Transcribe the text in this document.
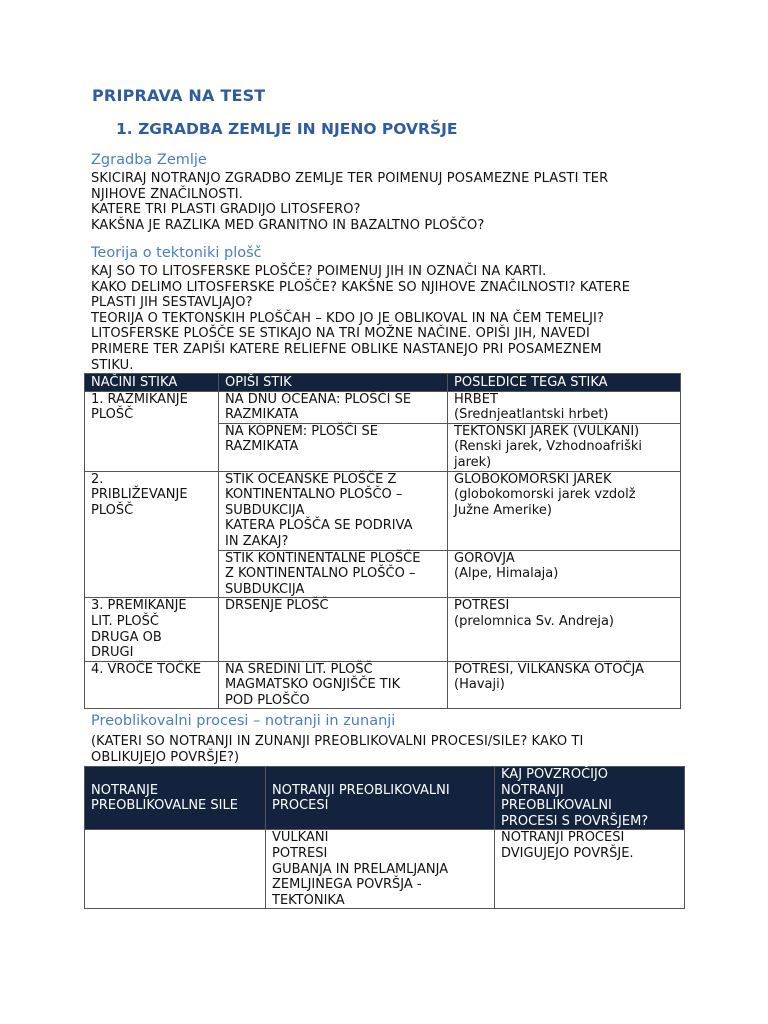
PRIPRAVA NA TEST
1. ZGRADBA ZEMLJE IN NJENO POVRŠJE
Zgradba Zemlje
SKICIRAJ NOTRANJO ZGRADBO ZEMLJE TER POIMENUJ POSAMEZNE PLASTI TER
NJIHOVE ZNAČILNOSTI.
KATERE TRI PLASTI GRADIJO LITOSFERO?
KAKŠNA JE RAZLIKA MED GRANITNO IN BAZALTNO PLOŠČO?
Teorija o tektoniki plošč
KAJ SO TO LITOSFERSKE PLOŠČE? POIMENUJ JIH IN OZNAČI NA KARTI.
KAKO DELIMO LITOSFERSKE PLOŠČE? KAKŠNE SO NJIHOVE ZNAČILNOSTI? KATERE
PLASTI JIH SESTAVLJAJO?
TEORIJA O TEKTONSKIH PLOŠČAH – KDO JO JE OBLIKOVAL IN NA ČEM TEMELJI?
LITOSFERSKE PLOŠČE SE STIKAJO NA TRI MOŽNE NAČINE. OPIŠI JIH, NAVEDI
PRIMERE TER ZAPIŠI KATERE RELIEFNE OBLIKE NASTANEJO PRI POSAMEZNEM
STIKU.
NAČINI STIKA	OPIŠI STIK	POSLEDICE TEGA STIKA

1. RAZMIKANJE
PLOŠČ	NA DNU OCEANA: PLOŠČI SE
RAZMIKATA	HRBET
(Srednjeatlantski hrbet)

	NA KOPNEM: PLOŠČI SE
RAZMIKATA	TEKTONSKI JAREK (VULKANI)
(Renski jarek, Vzhodnoafriški
jarek)

2.
PRIBLIŽEVANJE
PLOŠČ	STIK OCEANSKE PLOŠČE Z
KONTINENTALNO PLOŠČO –
SUBDUKCIJA
KATERA PLOŠČA SE PODRIVA
IN ZAKAJ?	GLOBOKOMORSKI JAREK
(globokomorski jarek vzdolž
Južne Amerike)

	STIK KONTINENTALNE PLOŠČE
Z KONTINENTALNO PLOŠČO –
SUBDUKCIJA	GOROVJA
(Alpe, Himalaja)

3. PREMIKANJE
LIT. PLOŠČ
DRUGA OB
DRUGI	DRSENJE PLOŠČ	POTRESI
(prelomnica Sv. Andreja)

4. VROČE TOČKE	NA SREDINI LIT. PLOŠČ
MAGMATSKO OGNJIŠČE TIK
POD PLOŠČO	POTRESI, VILKANSKA OTOČJA
(Havaji)
Preoblikovalni procesi – notranji in zunanji
(KATERI SO NOTRANJI IN ZUNANJI PREOBLIKOVALNI PROCESI/SILE? KAKO TI
OBLIKUJEJO POVRŠJE?)
NOTRANJE
PREOBLIKOVALNE SILE	NOTRANJI PREOBLIKOVALNI
PROCESI	KAJ POVZROČIJO
NOTRANJI
PREOBLIKOVALNI
PROCESI S POVRŠJEM?

	VULKANI
POTRESI
GUBANJA IN PRELAMLJANJA
ZEMLJINEGA POVRŠJA -
TEKTONIKA	NOTRANJI PROCESI
DVIGUJEJO POVRŠJE.
